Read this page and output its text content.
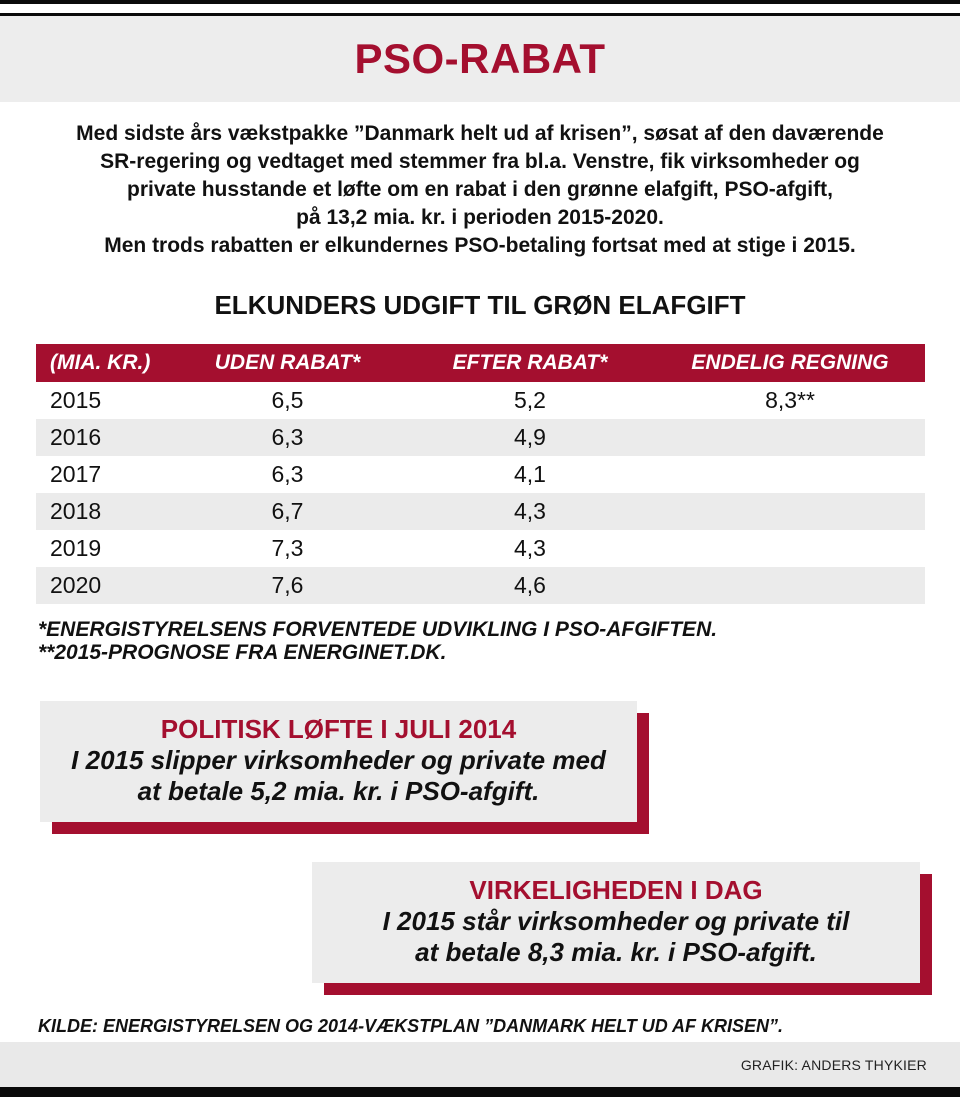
PSO-RABAT
Med sidste års vækstpakke ”Danmark helt ud af krisen”, søsat af den daværende
SR-regering og vedtaget med stemmer fra bl.a. Venstre, fik virksomheder og
private husstande et løfte om en rabat i den grønne elafgift, PSO-afgift,
på 13,2 mia. kr. i perioden 2015-2020.
Men trods rabatten er elkundernes PSO-betaling fortsat med at stige i 2015.
ELKUNDERS UDGIFT TIL GRØN ELAFGIFT
(MIA. KR.)	UDEN RABAT*	EFTER RABAT*	ENDELIG REGNING
2015	6,5	5,2	8,3**
2016	6,3	4,9
2017	6,3	4,1
2018	6,7	4,3
2019	7,3	4,3
2020	7,6	4,6
*ENERGISTYRELSENS FORVENTEDE UDVIKLING I PSO-AFGIFTEN.
**2015-PROGNOSE FRA ENERGINET.DK.
POLITISK LØFTE I JULI 2014
I 2015 slipper virksomheder og private med
at betale 5,2 mia. kr. i PSO-afgift.
VIRKELIGHEDEN I DAG
I 2015 står virksomheder og private til
at betale 8,3 mia. kr. i PSO-afgift.
KILDE: ENERGISTYRELSEN OG 2014-VÆKSTPLAN ”DANMARK HELT UD AF KRISEN”.
GRAFIK: ANDERS THYKIER
